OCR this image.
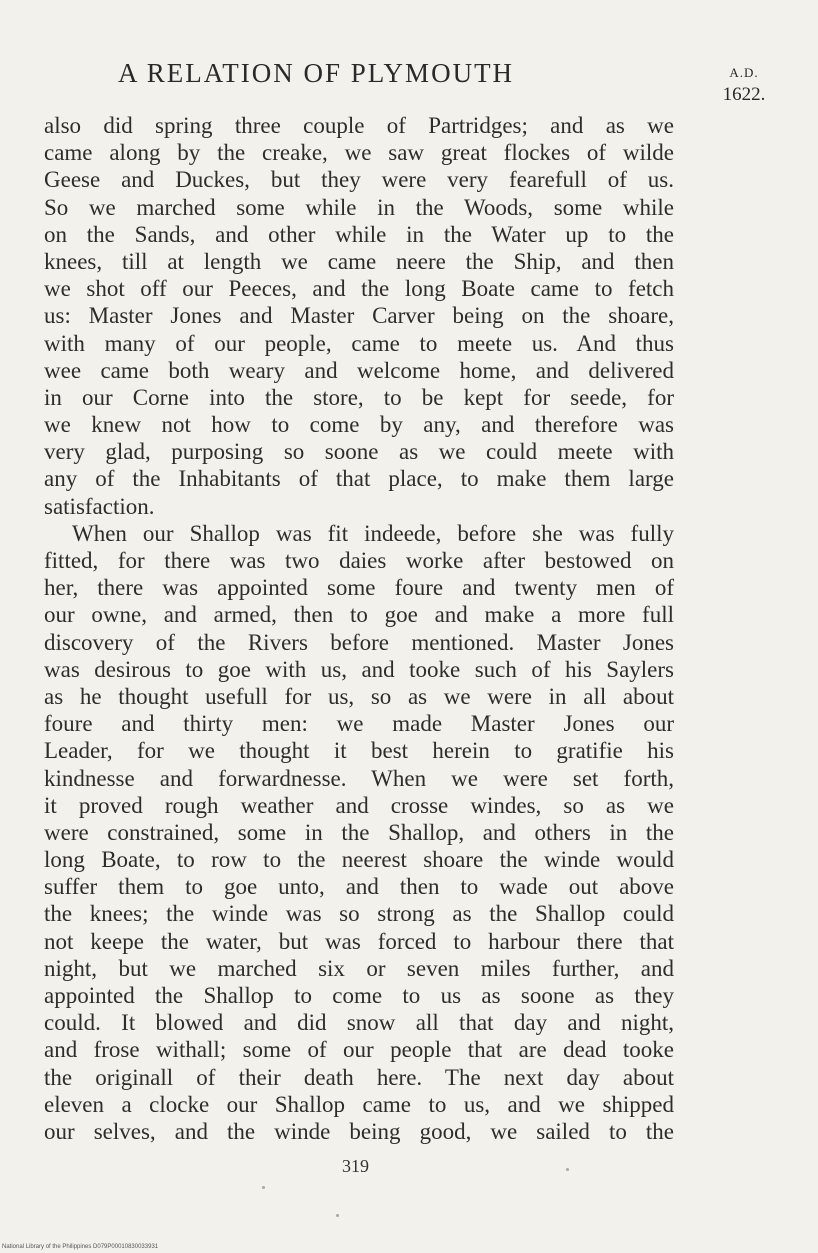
A RELATION OF PLYMOUTH	A.D.
1622.
also did spring three couple of Partridges; and as we
came along by the creake, we saw great flockes of wilde
Geese and Duckes, but they were very fearefull of us.
So we marched some while in the Woods, some while
on the Sands, and other while in the Water up to the
knees, till at length we came neere the Ship, and then
we shot off our Peeces, and the long Boate came to fetch
us: Master Jones and Master Carver being on the shoare,
with many of our people, came to meete us. And thus
wee came both weary and welcome home, and delivered
in our Corne into the store, to be kept for seede, for
we knew not how to come by any, and therefore was
very glad, purposing so soone as we could meete with
any of the Inhabitants of that place, to make them large
satisfaction.
When our Shallop was fit indeede, before she was fully
fitted, for there was two daies worke after bestowed on
her, there was appointed some foure and twenty men of
our owne, and armed, then to goe and make a more full
discovery of the Rivers before mentioned. Master Jones
was desirous to goe with us, and tooke such of his Saylers
as he thought usefull for us, so as we were in all about
foure and thirty men: we made Master Jones our
Leader, for we thought it best herein to gratifie his
kindnesse and forwardnesse. When we were set forth,
it proved rough weather and crosse windes, so as we
were constrained, some in the Shallop, and others in the
long Boate, to row to the neerest shoare the winde would
suffer them to goe unto, and then to wade out above
the knees; the winde was so strong as the Shallop could
not keepe the water, but was forced to harbour there that
night, but we marched six or seven miles further, and
appointed the Shallop to come to us as soone as they
could. It blowed and did snow all that day and night,
and frose withall; some of our people that are dead tooke
the originall of their death here. The next day about
eleven a clocke our Shallop came to us, and we shipped
our selves, and the winde being good, we sailed to the
319
National Library of the Philippines D079P00010830033931
